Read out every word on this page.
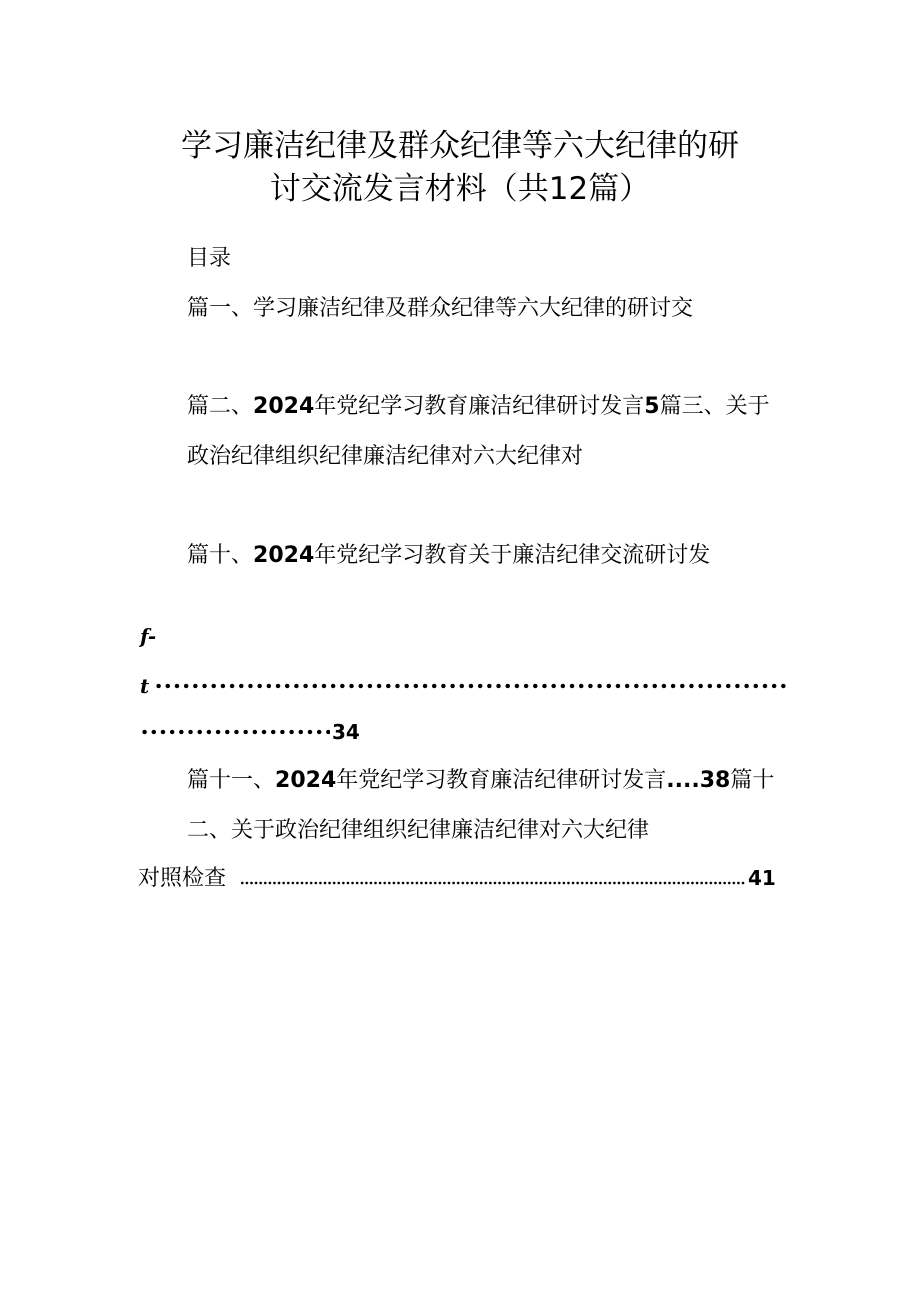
学习廉洁纪律及群众纪律等六大纪律的研
讨交流发言材料（共12篇）
目录
篇一、学习廉洁纪律及群众纪律等六大纪律的研讨交
篇二、2024年党纪学习教育廉洁纪律研讨发言5篇三、关于
政治纪律组织纪律廉洁纪律对六大纪律对
篇十、2024年党纪学习教育关于廉洁纪律交流研讨发
f-
t
34
篇十一、2024年党纪学习教育廉洁纪律研讨发言....38篇十
二、关于政治纪律组织纪律廉洁纪律对六大纪律
对照检查	41
